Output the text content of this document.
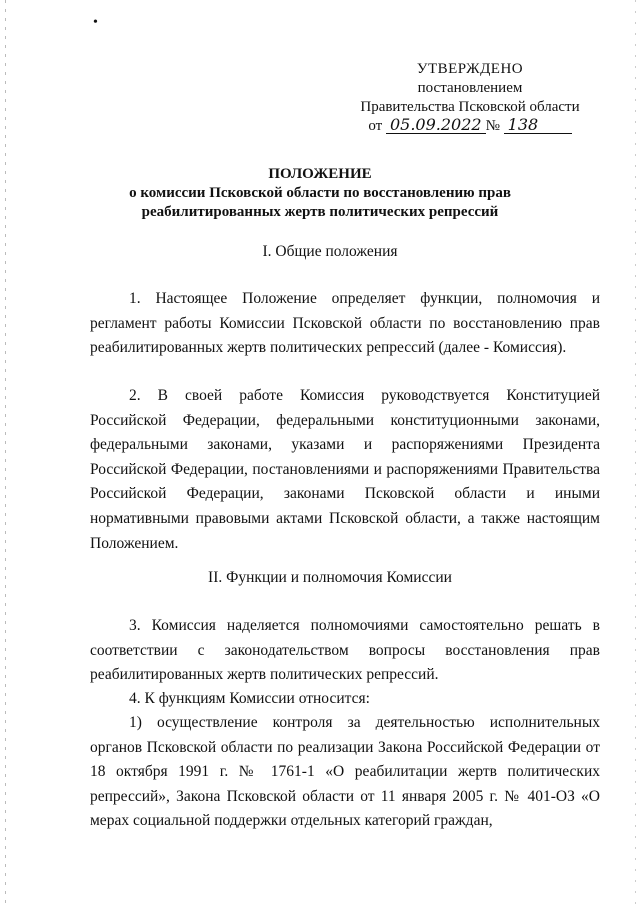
•
УТВЕРЖДЕНО
постановлением
Правительства Псковской области
от 05.09.2022 № 138
ПОЛОЖЕНИЕ
о комиссии Псковской области по восстановлению прав
реабилитированных жертв политических репрессий
I. Общие положения
1. Настоящее Положение определяет функции, полномочия и регламент работы Комиссии Псковской области по восстановлению прав реабилитированных жертв политических репрессий (далее - Комиссия).
2. В своей работе Комиссия руководствуется Конституцией Российской Федерации, федеральными конституционными законами, федеральными законами, указами и распоряжениями Президента Российской Федерации, постановлениями и распоряжениями Правительства Российской Федерации, законами Псковской области и иными нормативными правовыми актами Псковской области, а также настоящим Положением.
II. Функции и полномочия Комиссии
3. Комиссия наделяется полномочиями самостоятельно решать в соответствии с законодательством вопросы восстановления прав реабилитированных жертв политических репрессий.
4. К функциям Комиссии относится:
1) осуществление контроля за деятельностью исполнительных органов Псковской области по реализации Закона Российской Федерации от 18 октября 1991 г. № 1761-1 «О реабилитации жертв политических репрессий», Закона Псковской области от 11 января 2005 г. № 401-ОЗ «О мерах социальной поддержки отдельных категорий граждан,
